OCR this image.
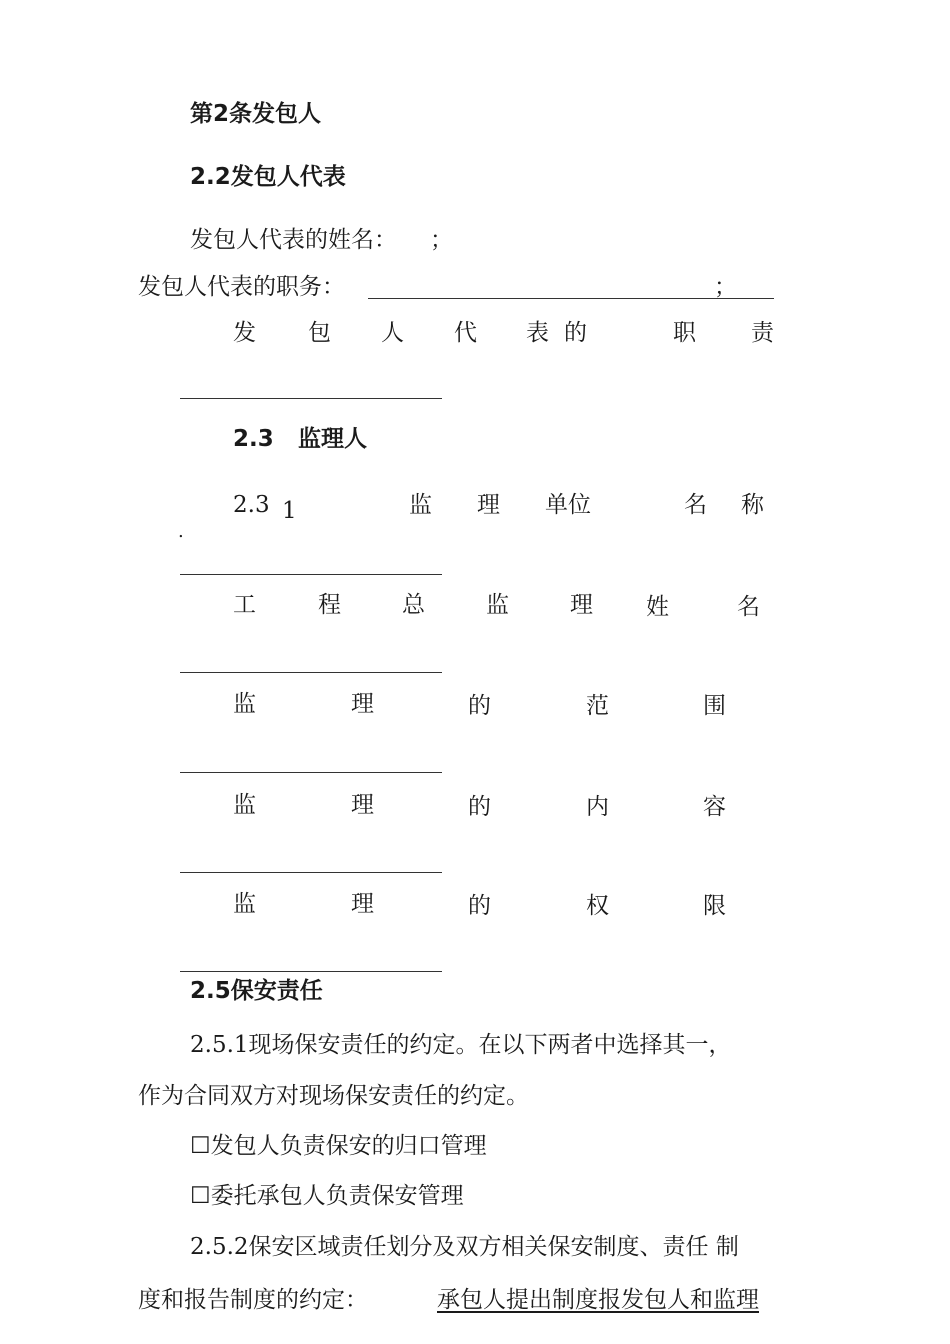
第2条发包人
2.2发包人代表
发包人代表的姓名： ；
发包人代表的职务：	；
发 包 人 代 表 的	职 责
2.3 监理人
2.3 1
.
监 理 单位	名 称
工	程	总	监	理 姓	名
监	理	的	范	围
监	理	的	内	容
监	理	的	权	限
2.5保安责任
2.5.1现场保安责任的约定。在以下两者中选择其一，
作为合同双方对现场保安责任的约定。
☐发包人负责保安的归口管理
☐委托承包人负责保安管理
2.5.2保安区域责任划分及双方相关保安制度、责任 制
度和报告制度的约定：	承包人提出制度报发包人和监理
